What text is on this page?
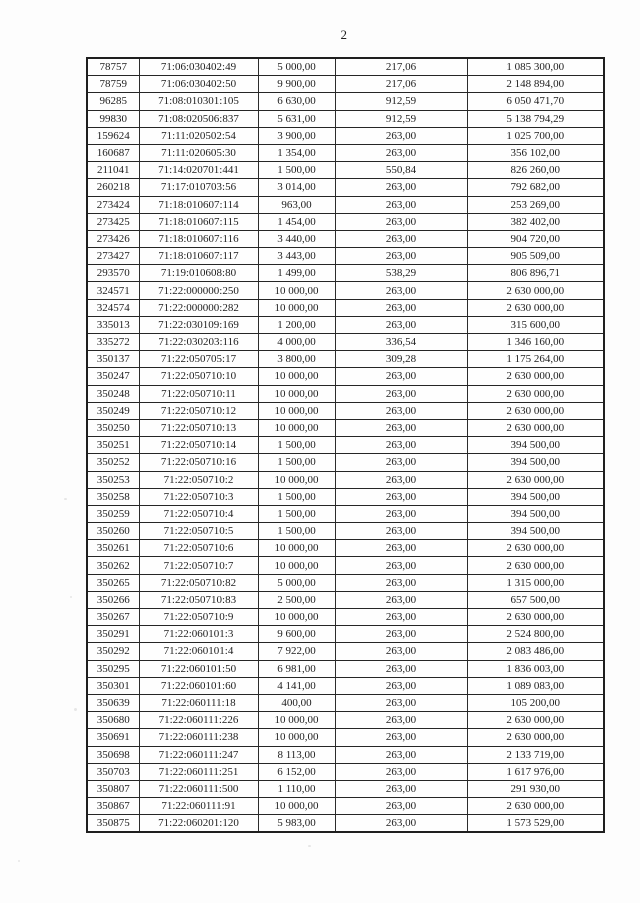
2
78757	71:06:030402:49	5 000,00	217,06	1 085 300,00
78759	71:06:030402:50	9 900,00	217,06	2 148 894,00
96285	71:08:010301:105	6 630,00	912,59	6 050 471,70
99830	71:08:020506:837	5 631,00	912,59	5 138 794,29
159624	71:11:020502:54	3 900,00	263,00	1 025 700,00
160687	71:11:020605:30	1 354,00	263,00	356 102,00
211041	71:14:020701:441	1 500,00	550,84	826 260,00
260218	71:17:010703:56	3 014,00	263,00	792 682,00
273424	71:18:010607:114	963,00	263,00	253 269,00
273425	71:18:010607:115	1 454,00	263,00	382 402,00
273426	71:18:010607:116	3 440,00	263,00	904 720,00
273427	71:18:010607:117	3 443,00	263,00	905 509,00
293570	71:19:010608:80	1 499,00	538,29	806 896,71
324571	71:22:000000:250	10 000,00	263,00	2 630 000,00
324574	71:22:000000:282	10 000,00	263,00	2 630 000,00
335013	71:22:030109:169	1 200,00	263,00	315 600,00
335272	71:22:030203:116	4 000,00	336,54	1 346 160,00
350137	71:22:050705:17	3 800,00	309,28	1 175 264,00
350247	71:22:050710:10	10 000,00	263,00	2 630 000,00
350248	71:22:050710:11	10 000,00	263,00	2 630 000,00
350249	71:22:050710:12	10 000,00	263,00	2 630 000,00
350250	71:22:050710:13	10 000,00	263,00	2 630 000,00
350251	71:22:050710:14	1 500,00	263,00	394 500,00
350252	71:22:050710:16	1 500,00	263,00	394 500,00
350253	71:22:050710:2	10 000,00	263,00	2 630 000,00
350258	71:22:050710:3	1 500,00	263,00	394 500,00
350259	71:22:050710:4	1 500,00	263,00	394 500,00
350260	71:22:050710:5	1 500,00	263,00	394 500,00
350261	71:22:050710:6	10 000,00	263,00	2 630 000,00
350262	71:22:050710:7	10 000,00	263,00	2 630 000,00
350265	71:22:050710:82	5 000,00	263,00	1 315 000,00
350266	71:22:050710:83	2 500,00	263,00	657 500,00
350267	71:22:050710:9	10 000,00	263,00	2 630 000,00
350291	71:22:060101:3	9 600,00	263,00	2 524 800,00
350292	71:22:060101:4	7 922,00	263,00	2 083 486,00
350295	71:22:060101:50	6 981,00	263,00	1 836 003,00
350301	71:22:060101:60	4 141,00	263,00	1 089 083,00
350639	71:22:060111:18	400,00	263,00	105 200,00
350680	71:22:060111:226	10 000,00	263,00	2 630 000,00
350691	71:22:060111:238	10 000,00	263,00	2 630 000,00
350698	71:22:060111:247	8 113,00	263,00	2 133 719,00
350703	71:22:060111:251	6 152,00	263,00	1 617 976,00
350807	71:22:060111:500	1 110,00	263,00	291 930,00
350867	71:22:060111:91	10 000,00	263,00	2 630 000,00
350875	71:22:060201:120	5 983,00	263,00	1 573 529,00
